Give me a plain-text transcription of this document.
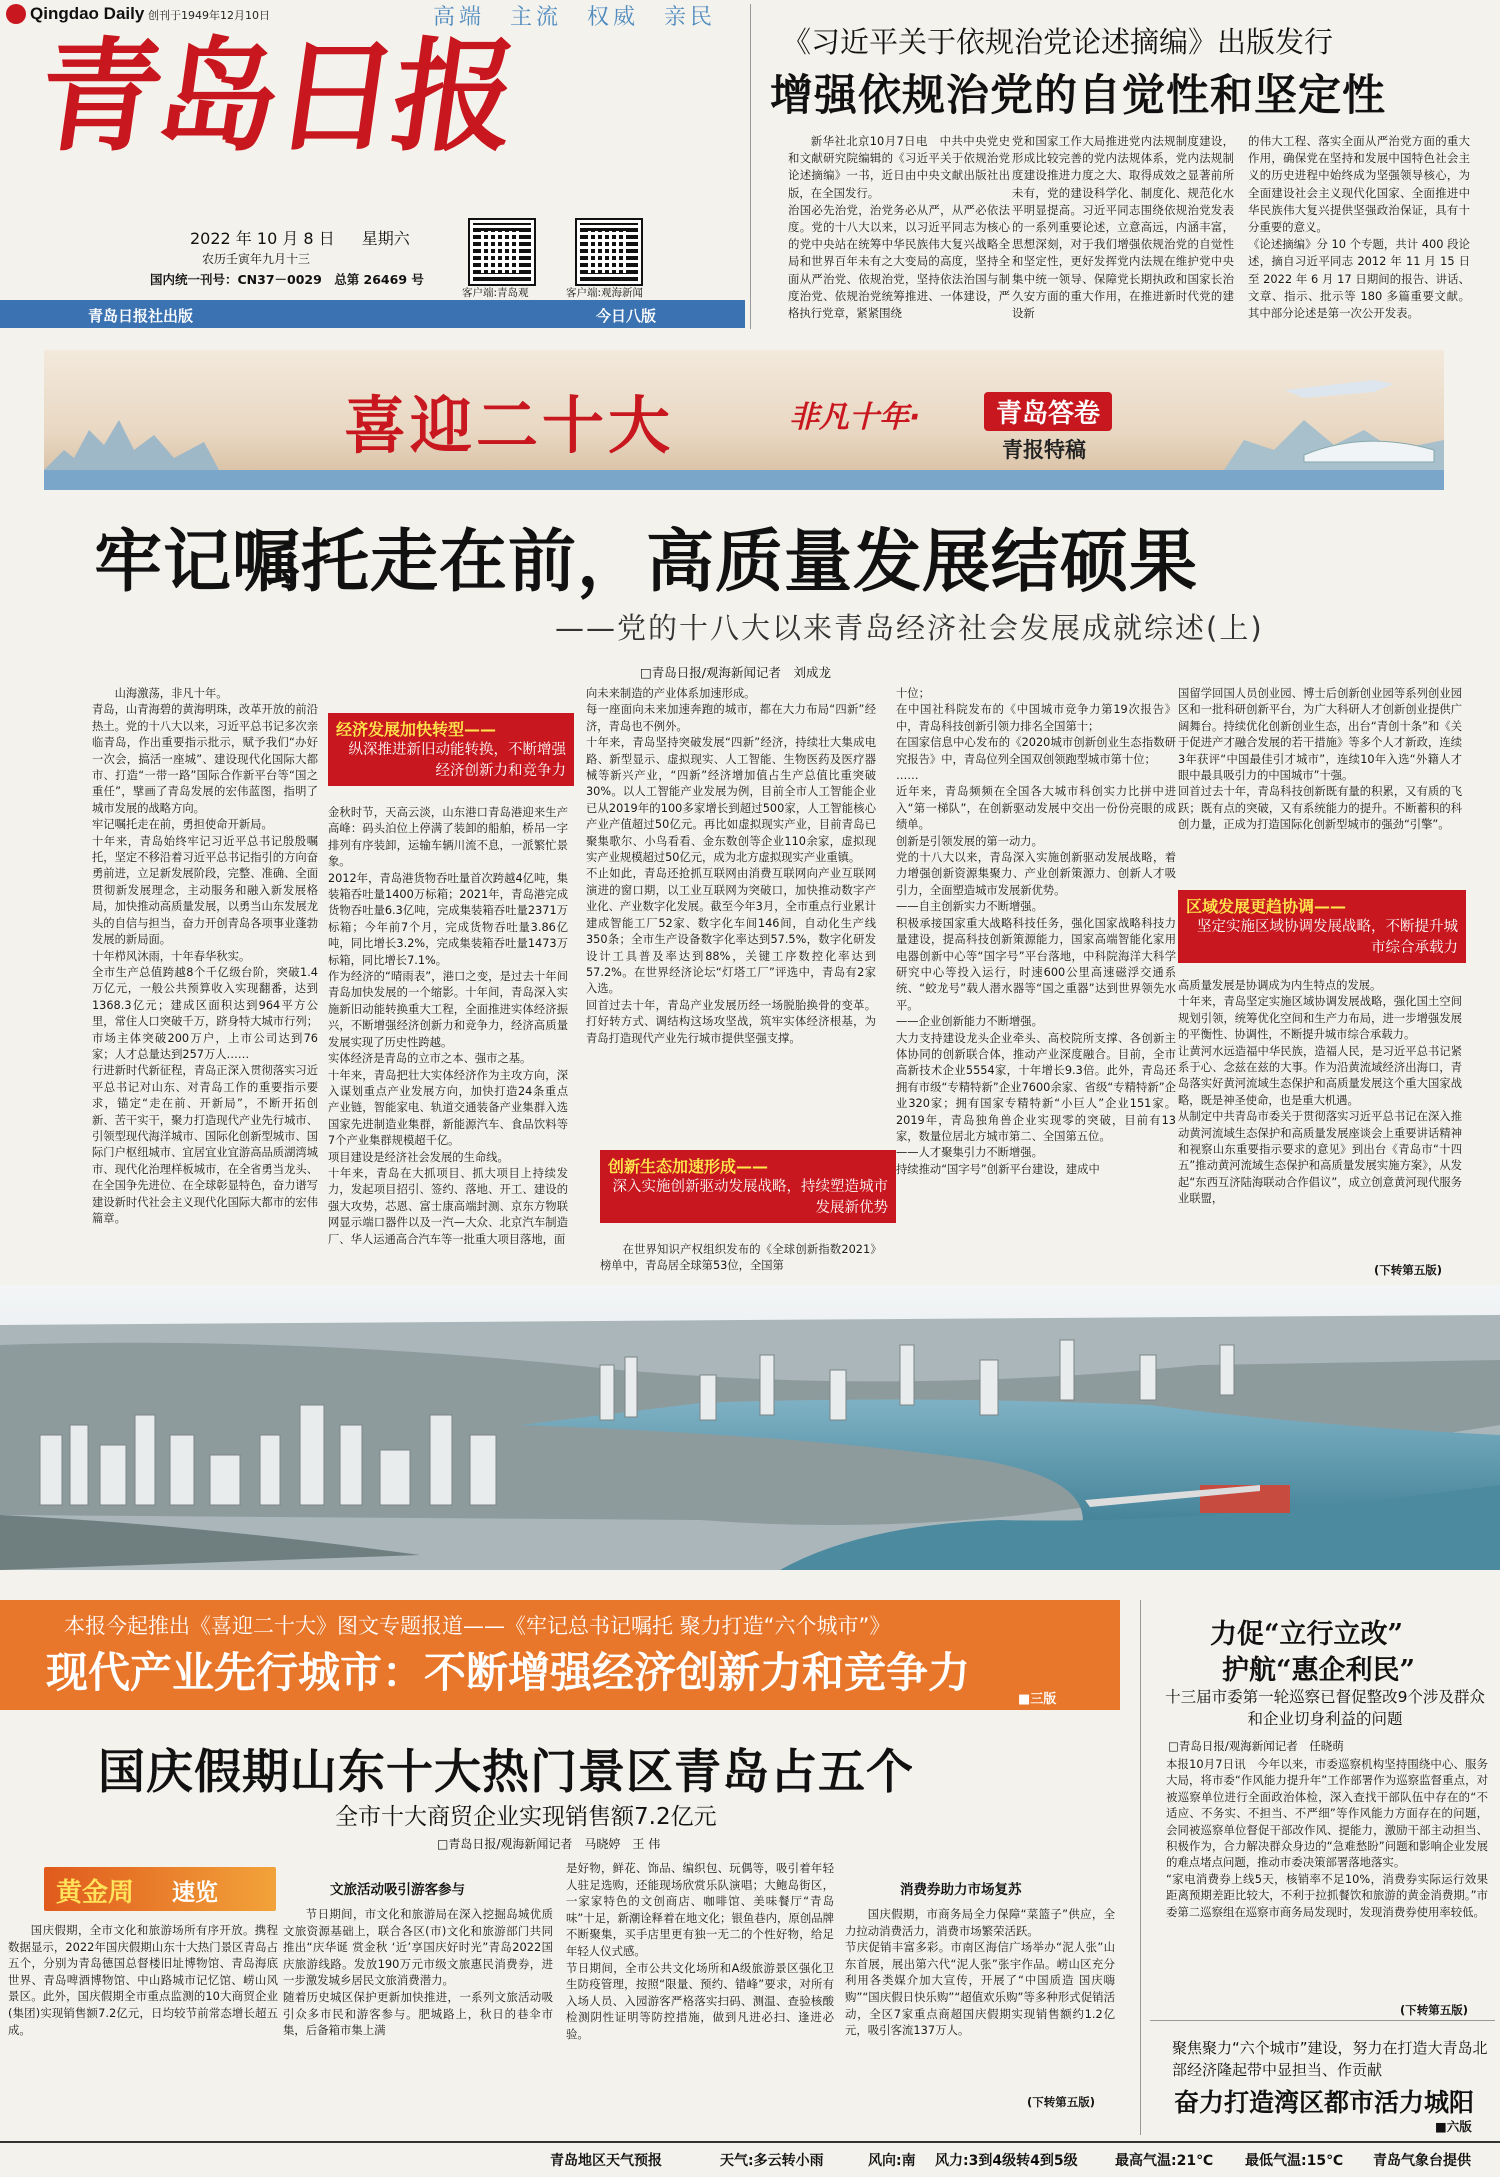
Qingdao Daily 创刊于1949年12月10日	高端 主流 权威 亲民
青岛日报
2022 年 10 月 8 日 星期六
农历壬寅年九月十三
国内统一刊号：CN37－0029 总第 26469 号
客户端:青岛观	客户端:观海新闻
青岛日报社出版	今日八版
《习近平关于依规治党论述摘编》出版发行
增强依规治党的自觉性和坚定性
新华社北京10月7日电　中共中央党史和文献研究院编辑的《习近平关于依规治党论述摘编》一书，近日由中央文献出版社出版，在全国发行。
治国必先治党，治党务必从严，从严必依法度。党的十八大以来，以习近平同志为核心的党中央站在统筹中华民族伟大复兴战略全局和世界百年未有之大变局的高度，坚持全面从严治党、依规治党，坚持依法治国与制度治党、依规治党统筹推进、一体建设，严格执行党章，紧紧围绕
党和国家工作大局推进党内法规制度建设，形成比较完善的党内法规体系，党内法规制度建设推进力度之大、取得成效之显著前所未有，党的建设科学化、制度化、规范化水平明显提高。习近平同志围绕依规治党发表的一系列重要论述，立意高远，内涵丰富，思想深刻，对于我们增强依规治党的自觉性和坚定性，更好发挥党内法规在维护党中央集中统一领导、保障党长期执政和国家长治久安方面的重大作用，在推进新时代党的建设新
的伟大工程、落实全面从严治党方面的重大作用，确保党在坚持和发展中国特色社会主义的历史进程中始终成为坚强领导核心，为全面建设社会主义现代化国家、全面推进中华民族伟大复兴提供坚强政治保证，具有十分重要的意义。
《论述摘编》分 10 个专题，共计 400 段论述，摘自习近平同志 2012 年 11 月 15 日至 2022 年 6 月 17 日期间的报告、讲话、文章、指示、批示等 180 多篇重要文献。其中部分论述是第一次公开发表。
喜迎二十大	非凡十年·	青岛答卷
青报特稿
牢记嘱托走在前，高质量发展结硕果
——党的十八大以来青岛经济社会发展成就综述(上)
□青岛日报/观海新闻记者　刘成龙
山海激荡，非凡十年。
青岛，山青海碧的黄海明珠，改革开放的前沿热土。党的十八大以来，习近平总书记多次亲临青岛，作出重要指示批示，赋予我们“办好一次会，搞活一座城”、建设现代化国际大都市、打造“一带一路”国际合作新平台等“国之重任”，擘画了青岛发展的宏伟蓝图，指明了城市发展的战略方向。
牢记嘱托走在前，勇担使命开新局。
十年来，青岛始终牢记习近平总书记殷殷嘱托，坚定不移沿着习近平总书记指引的方向奋勇前进，立足新发展阶段，完整、准确、全面贯彻新发展理念，主动服务和融入新发展格局，加快推动高质量发展，以勇当山东发展龙头的自信与担当，奋力开创青岛各项事业蓬勃发展的新局面。
十年栉风沐雨，十年春华秋实。
全市生产总值跨越8个千亿级台阶，突破1.4万亿元，一般公共预算收入实现翻番，达到1368.3亿元；建成区面积达到964平方公里，常住人口突破千万，跻身特大城市行列；市场主体突破200万户，上市公司达到76家；人才总量达到257万人……
行进新时代新征程，青岛正深入贯彻落实习近平总书记对山东、对青岛工作的重要指示要求，锚定“走在前、开新局”，不断开拓创新、苦干实干，聚力打造现代产业先行城市、引领型现代海洋城市、国际化创新型城市、国际门户枢纽城市、宜居宜业宜游高品质湖湾城市、现代化治理样板城市，在全省勇当龙头、在全国争先进位、在全球彰显特色，奋力谱写建设新时代社会主义现代化国际大都市的宏伟篇章。
经济发展加快转型——
纵深推进新旧动能转换，不断增强经济创新力和竞争力
金秋时节，天高云淡，山东港口青岛港迎来生产高峰：码头泊位上停满了装卸的船舶，桥吊一字排列有序装卸，运输车辆川流不息，一派繁忙景象。
2012年，青岛港货物吞吐量首次跨越4亿吨，集装箱吞吐量1400万标箱；2021年，青岛港完成货物吞吐量6.3亿吨，完成集装箱吞吐量2371万标箱；今年前7个月，完成货物吞吐量3.86亿吨，同比增长3.2%，完成集装箱吞吐量1473万标箱，同比增长7.1%。
作为经济的“晴雨表”，港口之变，是过去十年间青岛加快发展的一个缩影。十年间，青岛深入实施新旧动能转换重大工程，全面推进实体经济振兴，不断增强经济创新力和竞争力，经济高质量发展实现了历史性跨越。
实体经济是青岛的立市之本、强市之基。
十年来，青岛把壮大实体经济作为主攻方向，深入谋划重点产业发展方向，加快打造24条重点产业链，智能家电、轨道交通装备产业集群入选国家先进制造业集群，新能源汽车、食品饮料等7个产业集群规模超千亿。
项目建设是经济社会发展的生命线。
十年来，青岛在大抓项目、抓大项目上持续发力，发起项目招引、签约、落地、开工、建设的强大攻势，芯恩、富士康高端封测、京东方物联网显示端口器件以及一汽—大众、北京汽车制造厂、华人运通高合汽车等一批重大项目落地，面
向未来制造的产业体系加速形成。
每一座面向未来加速奔跑的城市，都在大力布局“四新”经济，青岛也不例外。
十年来，青岛坚持突破发展“四新”经济，持续壮大集成电路、新型显示、虚拟现实、人工智能、生物医药及医疗器械等新兴产业，“四新”经济增加值占生产总值比重突破30%。以人工智能产业发展为例，目前全市人工智能企业已从2019年的100多家增长到超过500家，人工智能核心产业产值超过50亿元。再比如虚拟现实产业，目前青岛已聚集歌尔、小鸟看看、金东数创等企业110余家，虚拟现实产业规模超过50亿元，成为北方虚拟现实产业重镇。
不止如此，青岛还抢抓互联网由消费互联网向产业互联网演进的窗口期，以工业互联网为突破口，加快推动数字产业化、产业数字化发展。截至今年3月，全市重点行业累计建成智能工厂52家、数字化车间146间，自动化生产线350条；全市生产设备数字化率达到57.5%，数字化研发设计工具普及率达到88%，关键工序数控化率达到57.2%。在世界经济论坛“灯塔工厂”评选中，青岛有2家入选。
回首过去十年，青岛产业发展历经一场脱胎换骨的变革。打好转方式、调结构这场攻坚战，筑牢实体经济根基，为青岛打造现代产业先行城市提供坚强支撑。
创新生态加速形成——
深入实施创新驱动发展战略，持续塑造城市发展新优势
在世界知识产权组织发布的《全球创新指数2021》榜单中，青岛居全球第53位，全国第
十位；
在中国社科院发布的《中国城市竞争力第19次报告》中，青岛科技创新引领力排名全国第十；
在国家信息中心发布的《2020城市创新创业生态指数研究报告》中，青岛位列全国双创领跑型城市第十位；
……
近年来，青岛频频在全国各大城市科创实力比拼中进入“第一梯队”，在创新驱动发展中交出一份份亮眼的成绩单。
创新是引领发展的第一动力。
党的十八大以来，青岛深入实施创新驱动发展战略，着力增强创新资源集聚力、产业创新策源力、创新人才吸引力，全面塑造城市发展新优势。
——自主创新实力不断增强。
积极承接国家重大战略科技任务，强化国家战略科技力量建设，提高科技创新策源能力，国家高端智能化家用电器创新中心等“国字号”平台落地，中科院海洋大科学研究中心等投入运行，时速600公里高速磁浮交通系统、“蛟龙号”载人潜水器等“国之重器”达到世界领先水平。
——企业创新能力不断增强。
大力支持建设龙头企业牵头、高校院所支撑、各创新主体协同的创新联合体，推动产业深度融合。目前，全市高新技术企业5554家，十年增长9.3倍。此外，青岛还拥有市级“专精特新”企业7600余家、省级“专精特新”企业320家；拥有国家专精特新“小巨人”企业151家。2019年，青岛独角兽企业实现零的突破，目前有13家，数量位居北方城市第二、全国第五位。
——人才聚集引力不断增强。
持续推动“国字号”创新平台建设，建成中
国留学回国人员创业园、博士后创新创业园等系列创业园区和一批科研创新平台，为广大科研人才创新创业提供广阔舞台。持续优化创新创业生态，出台“青创十条”和《关于促进产才融合发展的若干措施》等多个人才新政，连续3年获评“中国最佳引才城市”，连续10年入选“外籍人才眼中最具吸引力的中国城市”十强。
回首过去十年，青岛科技创新既有量的积累，又有质的飞跃；既有点的突破，又有系统能力的提升。不断蓄积的科创力量，正成为打造国际化创新型城市的强劲“引擎”。
区域发展更趋协调——
坚定实施区域协调发展战略，不断提升城市综合承载力
高质量发展是协调成为内生特点的发展。
十年来，青岛坚定实施区域协调发展战略，强化国土空间规划引领，统筹优化空间和生产力布局，进一步增强发展的平衡性、协调性，不断提升城市综合承载力。
让黄河水远造福中华民族，造福人民，是习近平总书记紧系于心、念兹在兹的大事。作为沿黄流域经济出海口，青岛落实好黄河流域生态保护和高质量发展这个重大国家战略，既是神圣使命，也是重大机遇。
从制定中共青岛市委关于贯彻落实习近平总书记在深入推动黄河流域生态保护和高质量发展座谈会上重要讲话精神和视察山东重要指示要求的意见》到出台《青岛市“十四五”推动黄河流域生态保护和高质量发展实施方案》，从发起“东西互济陆海联动合作倡议”，成立创意黄河现代服务业联盟，
(下转第五版)
本报今起推出《喜迎二十大》图文专题报道——《牢记总书记嘱托 聚力打造“六个城市”》
现代产业先行城市：不断增强经济创新力和竞争力
■三版
国庆假期山东十大热门景区青岛占五个
全市十大商贸企业实现销售额7.2亿元
□青岛日报/观海新闻记者　马晓婷　王 伟
黄金周 速览
国庆假期，全市文化和旅游场所有序开放。携程数据显示，2022年国庆假期山东十大热门景区青岛占五个，分别为青岛德国总督楼旧址博物馆、青岛海底世界、青岛啤酒博物馆、中山路城市记忆馆、崂山风景区。此外，国庆假期全市重点监测的10大商贸企业(集团)实现销售额7.2亿元，日均较节前常态增长超五成。
文旅活动吸引游客参与
节日期间，市文化和旅游局在深入挖掘岛城优质文旅资源基础上，联合各区(市)文化和旅游部门共同推出“庆华诞 赏金秋 ‘近’享国庆好时光”青岛2022国庆旅游线路。发放190万元市级文旅惠民消费券，进一步激发城乡居民文旅消费潜力。
随着历史城区保护更新加快推进，一系列文旅活动吸引众多市民和游客参与。肥城路上，秋日的巷伞市集，后备箱市集上满
是好物，鲜花、饰品、编织包、玩偶等，吸引着年轻人驻足选购，还能现场欣赏乐队演唱；大鲍岛街区，一家家特色的文创商店、咖啡馆、美味餐厅“青岛味”十足，新潮诠释着在地文化；银鱼巷内，原创品牌不断聚集，买手店里更有独一无二的个性好物，给足年轻人仪式感。
节日期间，全市公共文化场所和A级旅游景区强化卫生防疫管理，按照“限量、预约、错峰”要求，对所有入场人员、入园游客严格落实扫码、测温、查验核酸检测阴性证明等防控措施，做到凡进必扫、逢进必验。
消费券助力市场复苏
国庆假期，市商务局全力保障“菜篮子”供应，全力拉动消费活力，消费市场繁荣活跃。
节庆促销丰富多彩。市南区海信广场举办“泥人张”山东首展，展出第六代“泥人张”张宇作品。崂山区充分利用各类媒介加大宣传，开展了“中国质造 国庆嗨购”“国庆假日快乐购”“超值欢乐购”等多种形式促销活动，全区7家重点商超国庆假期实现销售额约1.2亿元，吸引客流137万人。
(下转第五版)
力促“立行立改”
护航“惠企利民”
十三届市委第一轮巡察已督促整改9个涉及群众和企业切身利益的问题
□青岛日报/观海新闻记者　任晓萌
本报10月7日讯　今年以来，市委巡察机构坚持围绕中心、服务大局，将市委“作风能力提升年”工作部署作为巡察监督重点，对被巡察单位进行全面政治体检，深入查找干部队伍中存在的“不适应、不务实、不担当、不严细”等作风能力方面存在的问题，会同被巡察单位督促干部改作风、提能力，激励干部主动担当、积极作为，合力解决群众身边的“急难愁盼”问题和影响企业发展的难点堵点问题，推动市委决策部署落地落实。
“家电消费券上线5天，核销率不足10%，消费券实际运行效果距离预期差距比较大，不利于拉抓餐饮和旅游的黄金消费期。”市委第二巡察组在巡察市商务局发现时，发现消费券使用率较低。
(下转第五版)
聚焦聚力“六个城市”建设，努力在打造大青岛北部经济隆起带中显担当、作贡献
奋力打造湾区都市活力城阳
■六版
青岛地区天气预报	天气:多云转小雨	风向:南 风力:3到4级转4到5级	最高气温:21℃ 最低气温:15℃ 青岛气象台提供
